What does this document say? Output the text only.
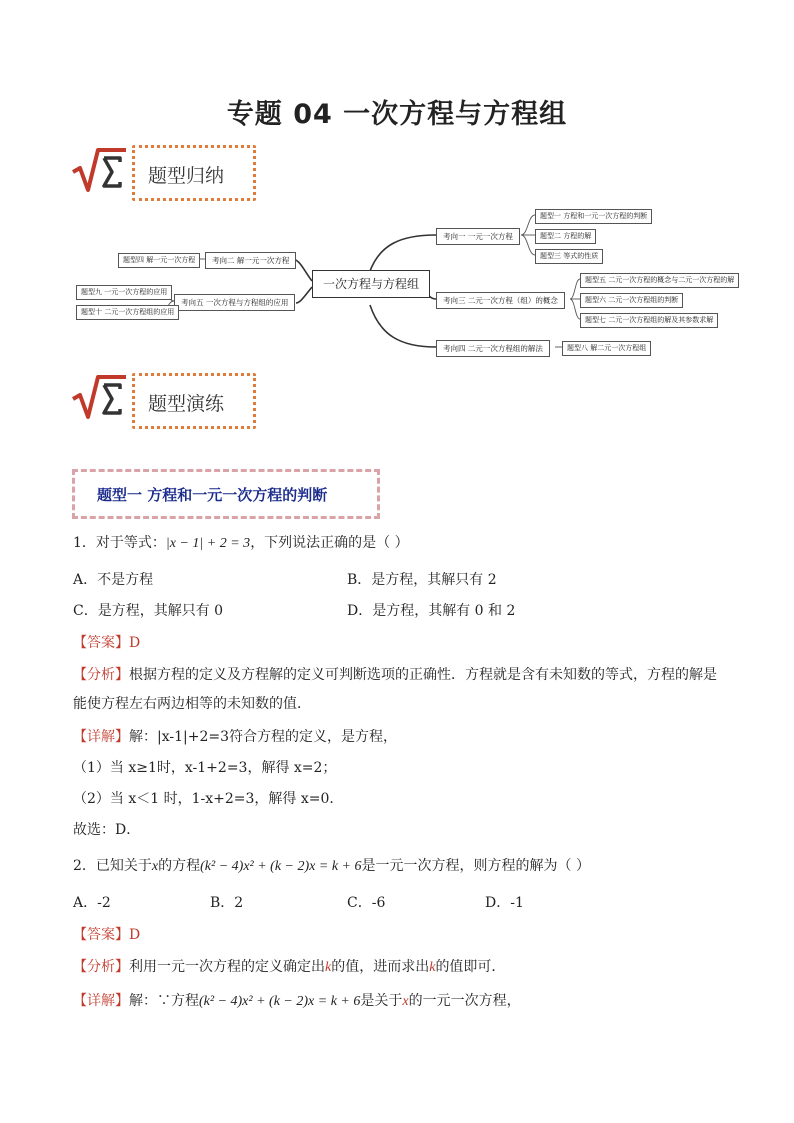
专题 04 一次方程与方程组
题型归纳
一次方程与方程组
考向一 一元一次方程
题型一 方程和一元一次方程的判断
题型二 方程的解
题型三 等式的性质
考向三 二元一次方程（组）的概念
题型五 二元一次方程的概念与二元一次方程的解
题型六 二元一次方程组的判断
题型七 二元一次方程组的解及其参数求解
考向四 二元一次方程组的解法	题型八 解二元一次方程组
考向二 解一元一次方程
题型四 解一元一次方程
考向五 一次方程与方程组的应用
题型九 一元一次方程的应用
题型十 二元一次方程组的应用
题型演练
题型一 方程和一元一次方程的判断
1．对于等式：|x − 1| + 2 = 3，下列说法正确的是（ ）
A．不是方程	B．是方程，其解只有 2
C．是方程，其解只有 0	D．是方程，其解有 0 和 2
【答案】D
【分析】根据方程的定义及方程解的定义可判断选项的正确性．方程就是含有未知数的等式，方程的解是
能使方程左右两边相等的未知数的值．
【详解】解：|x-1|+2=3符合方程的定义，是方程，
（1）当 x≥1时，x-1+2=3，解得 x=2；
（2）当 x＜1 时，1-x+2=3，解得 x=0．
故选：D．
2．已知关于x的方程(k² − 4)x² + (k − 2)x = k + 6是一元一次方程，则方程的解为（ ）
A．-2	B．2	C．-6	D．-1
【答案】D
【分析】利用一元一次方程的定义确定出k的值，进而求出k的值即可．
【详解】解：∵方程(k² − 4)x² + (k − 2)x = k + 6是关于x的一元一次方程，
